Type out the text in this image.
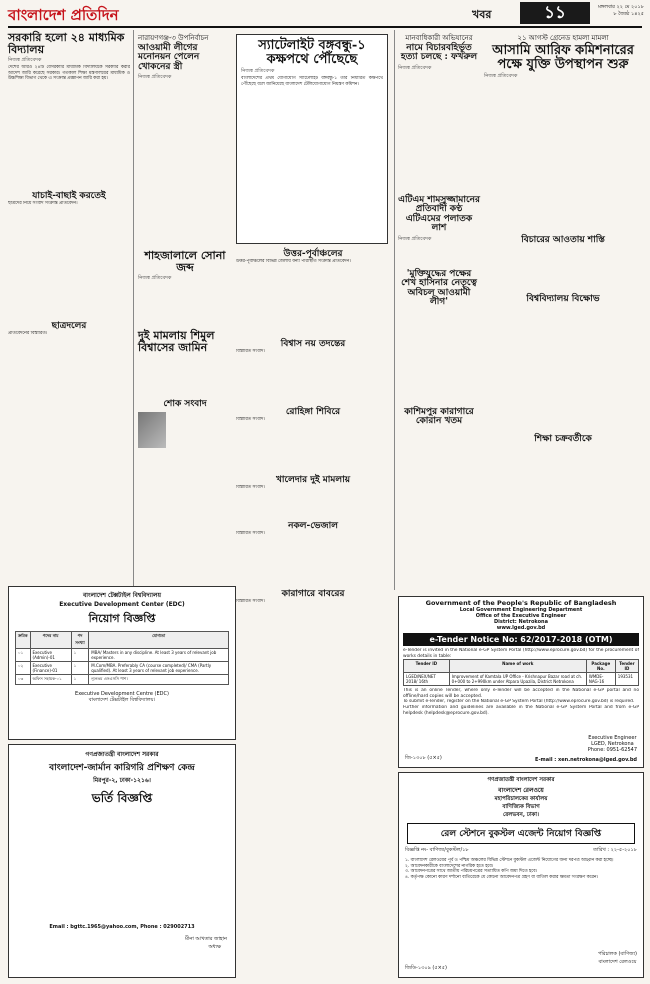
বাংলাদেশ প্রতিদিন	খবর	১১	মঙ্গলবার ২২ মে ২০১৮ ৮ জ্যৈষ্ঠ ১৪২৫
সরকারি হলো ২৪ মাধ্যমিক বিদ্যালয়
নিজস্ব প্রতিবেদক
দেশের আরও ২৪টি বেসরকারি মাধ্যমিক বিদ্যালয়কে সরকারি করার আদেশ জারি করেছে সরকার। গতকাল শিক্ষা মন্ত্রণালয়ের মাধ্যমিক ও উচ্চশিক্ষা বিভাগ থেকে এ সংক্রান্ত প্রজ্ঞাপন জারি করা হয়।
যাচাই-বাছাই করতেই
ছাত্রদের নিয়ে সংবাদ সংক্রান্ত প্রতিবেদন।
ছাত্রদলের
প্রতিবেদনের বিস্তারিত।
নারায়ণগঞ্জ-৩ উপনির্বাচন
আওয়ামী লীগের মনোনয়ন পেলেন খোকনের স্ত্রী
নিজস্ব প্রতিবেদক
স্যাটেলাইট বঙ্গবন্ধু-১ কক্ষপথে পৌঁছেছে
নিজস্ব প্রতিবেদক
বাংলাদেশের প্রথম যোগাযোগ স্যাটেলাইট বঙ্গবন্ধু-১ তার নির্ধারিত কক্ষপথে পৌঁছেছে বলে জানিয়েছে বাংলাদেশ টেলিযোগাযোগ নিয়ন্ত্রণ কমিশন।
শাহজালালে সোনা জব্দ
নিজস্ব প্রতিবেদক
দুই মামলায় শিমুল বিশ্বাসের জামিন
শোক সংবাদ
উত্তর-পূর্বাঞ্চলের
উত্তর-পূর্বাঞ্চলের বিভিন্ন জেলায় বন্যা পরিস্থিতি সংক্রান্ত প্রতিবেদন।
বিশ্বাস নয় তদন্তের
বিস্তারিত সংবাদ।
রোহিঙ্গা শিবিরে
বিস্তারিত সংবাদ।
খালেদার দুই মামলায়
বিস্তারিত সংবাদ।
নকল-ভেজাল
বিস্তারিত সংবাদ।
মানবাধিকারী অভিযানের
নামে বিচারবহির্ভূত হত্যা চলছে : ফখরুল
নিজস্ব প্রতিবেদক
২১ আগস্ট গ্রেনেড হামলা মামলা
আসামি আরিফ কমিশনারের পক্ষে যুক্তি উপস্থাপন শুরু
নিজস্ব প্রতিবেদক
এটিএম শামসুজ্জামানের প্রতিবাদী কণ্ঠ
এটিএমের পলাতক লাশ
নিজস্ব প্রতিবেদক
'মুক্তিযুদ্ধের পক্ষের শেখ হাসিনার নেতৃত্বে অবিচল আওয়ামী লীগ'
কাশিমপুর কারাগারে কোরান খতম
বিচারের আওতায় শাস্তি
বিশ্ববিদ্যালয় বিক্ষোভ
শিক্ষা চক্রবর্তীকে
বাংলাদেশ টেক্সটাইল বিশ্ববিদ্যালয়
Executive Development Center (EDC)
নিয়োগ বিজ্ঞপ্তি
ক্রমিক	পদের নাম	পদ সংখ্যা	যোগ্যতা
০১	Executive (Admin)-01	১	MBA/ Masters in any discipline. At least 3 years of relevant job experience.
০২	Executive (Finance)-01	১	M.Com/MBA. Preferably CA (course completed)/ CMA (Partly qualified). At least 3 years of relevant job experience.
০৩	অফিস সহায়ক-০১	১	ন্যূনতম এসএসসি পাশ।
Executive Development Centre (EDC)
বাংলাদেশ টেক্সটাইল বিশ্ববিদ্যালয়।
গণপ্রজাতন্ত্রী বাংলাদেশ সরকার
বাংলাদেশ-জার্মান কারিগরি প্রশিক্ষণ কেন্দ্র
মিরপুর-২, ঢাকা-১২১৬।
ভর্তি বিজ্ঞপ্তি
Email : bgttc.1965@yahoo.com, Phone : 029002713
মীনা আখতার জাহান
অধ্যক্ষ
Government of the People's Republic of Bangladesh
Local Government Engineering Department
Office of the Executive Engineer
District: Netrokona
www.lged.gov.bd
e-Tender Notice No: 62/2017-2018 (OTM)
e-Tender is invited in the National e-GP System Portal (http://www.eprocure.gov.bd) for the procurement of works details in table:
Tender ID	Name of work	Package No.	Tender ID
LGED/NEX/NET 2018/ 16th	Improvement of Kamtala UP Office - Krishnapur Bazar road at ch. 0+000 to 2+990km under Atpara Upazila, District Netrokona	WMDE-NAG-16	193531
This is an online Tender, where only e-Tender will be accepted in the National e-GP portal and no offline/hard copies will be accepted.
To submit e-Tender, register on the National e-GP System Portal (http://www.eprocure.gov.bd) is required.
Further information and guidelines are available in the National e-GP System Portal and from e-GP helpdesk (helpdesk@eprocure.gov.bd).
Executive Engineer
LGED, Netrokona
Phone: 0951-62547
জি-১৩০৮ (৫×৫)	E-mail : xen.netrokona@lged.gov.bd
গণপ্রজাতন্ত্রী বাংলাদেশ সরকার
বাংলাদেশ রেলওয়ে
মহাপরিচালকের কার্যালয়
বাণিজ্যিক বিভাগ
রেলভবন, ঢাকা।
রেল স্টেশনে বুকস্টল এজেন্ট নিয়োগ বিজ্ঞপ্তি
বিজ্ঞপ্তি নং- বাণিজ্য/বুকস্টল/১৮	তারিখ : ২২-৫-২০১৮
১. বাংলাদেশ রেলওয়ের পূর্ব ও পশ্চিম অঞ্চলের বিভিন্ন স্টেশনে বুকস্টল এজেন্ট নিয়োগের জন্য দরপত্র আহ্বান করা হচ্ছে।
২. আবেদনকারীকে বাংলাদেশের নাগরিক হতে হবে।
৩. আবেদনপত্রের সাথে জাতীয় পরিচয়পত্রের সত্যায়িত কপি জমা দিতে হবে।
৪. কর্তৃপক্ষ কোনো কারণ দর্শানো ব্যতিরেকে যে কোনো আবেদনপত্র গ্রহণ বা বাতিল করার ক্ষমতা সংরক্ষণ করেন।
জিডি-১৩০৯ (৫×৫)
পরিচালক (বাণিজ্য)
বাংলাদেশ রেলওয়ে
কারাগারে বাবরের
বিস্তারিত সংবাদ।
